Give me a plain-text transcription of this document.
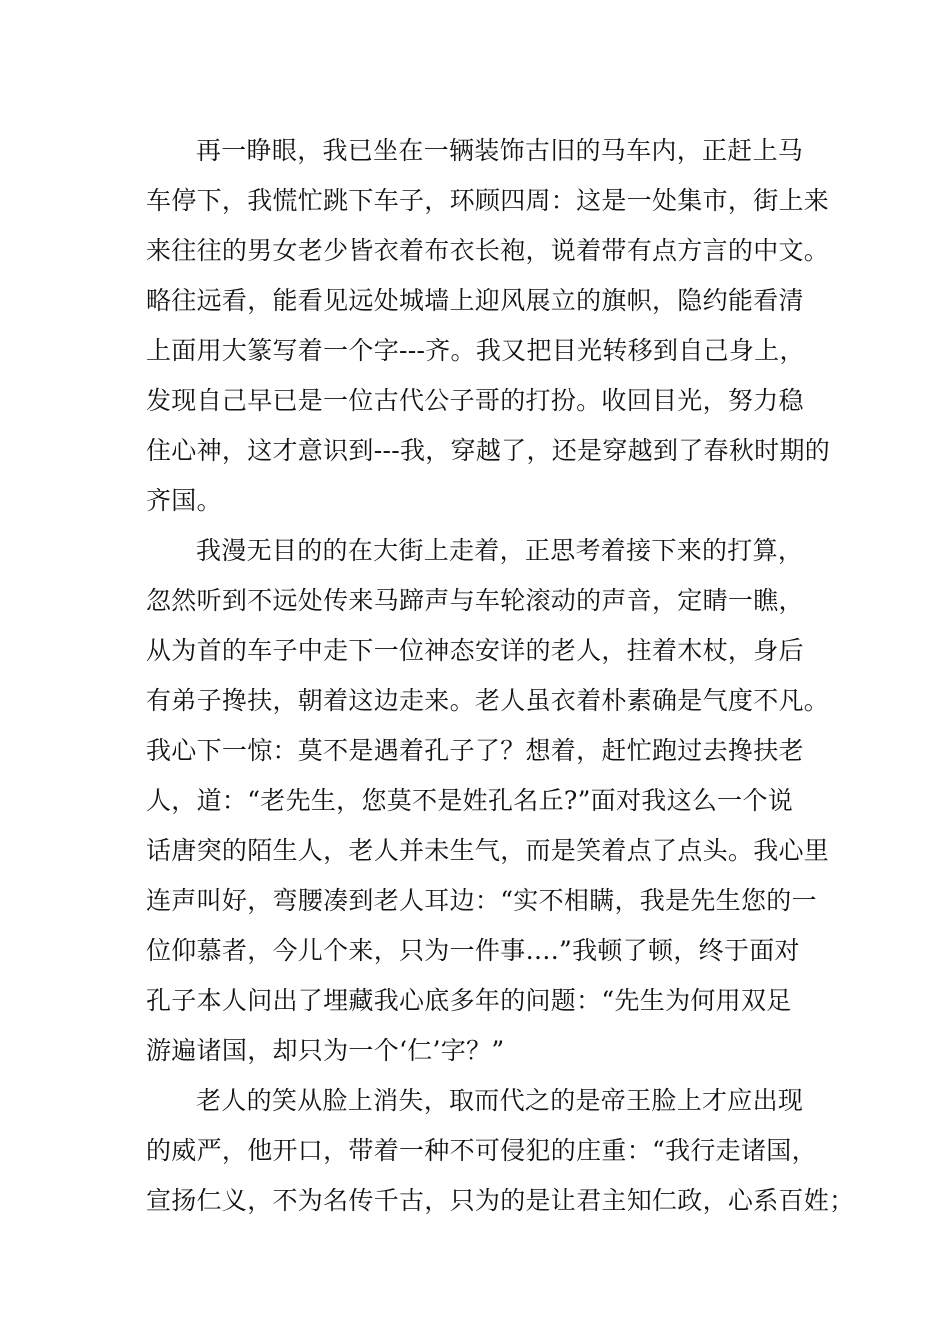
再一睁眼，我已坐在一辆装饰古旧的马车内，正赶上马
车停下，我慌忙跳下车子，环顾四周：这是一处集市，街上来
来往往的男女老少皆衣着布衣长袍，说着带有点方言的中文。
略往远看，能看见远处城墙上迎风展立的旗帜，隐约能看清
上面用大篆写着一个字---齐。我又把目光转移到自己身上，
发现自己早已是一位古代公子哥的打扮。收回目光，努力稳
住心神，这才意识到---我，穿越了，还是穿越到了春秋时期的
齐国。
我漫无目的的在大街上走着，正思考着接下来的打算，
忽然听到不远处传来马蹄声与车轮滚动的声音，定睛一瞧，
从为首的车子中走下一位神态安详的老人，拄着木杖，身后
有弟子搀扶，朝着这边走来。老人虽衣着朴素确是气度不凡。
我心下一惊：莫不是遇着孔子了？想着，赶忙跑过去搀扶老
人，道：“老先生，您莫不是姓孔名丘?”面对我这么一个说
话唐突的陌生人，老人并未生气，而是笑着点了点头。我心里
连声叫好，弯腰凑到老人耳边：“实不相瞒，我是先生您的一
位仰慕者，今儿个来，只为一件事….”我顿了顿，终于面对
孔子本人问出了埋藏我心底多年的问题：“先生为何用双足
游遍诸国，却只为一个‘仁’字？”
老人的笑从脸上消失，取而代之的是帝王脸上才应出现
的威严，他开口，带着一种不可侵犯的庄重：“我行走诸国，
宣扬仁义，不为名传千古，只为的是让君主知仁政，心系百姓；
